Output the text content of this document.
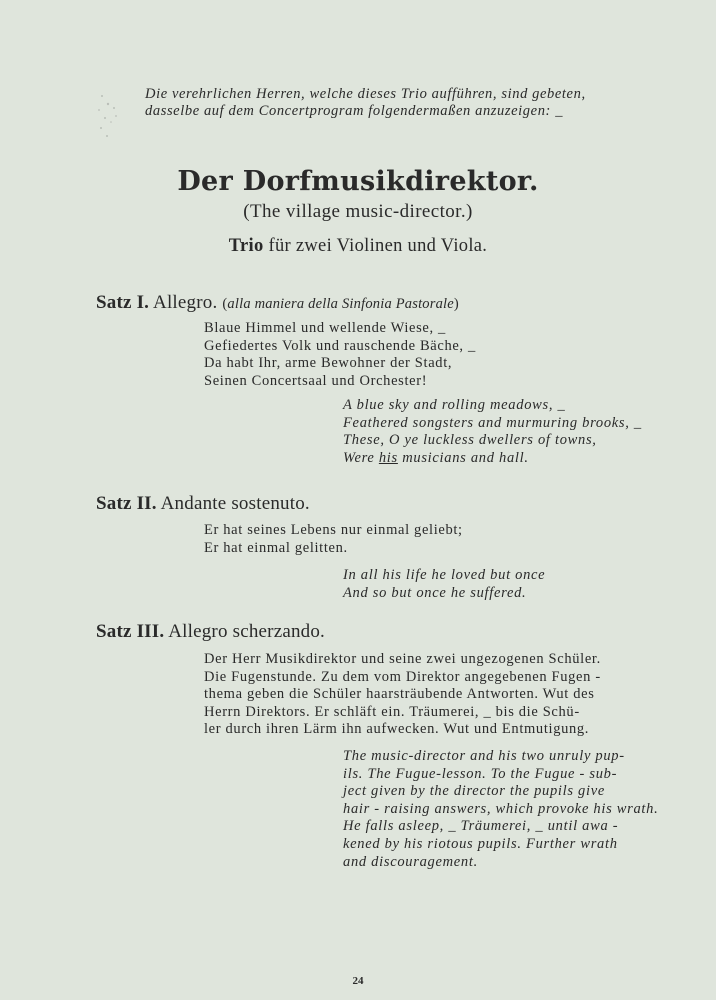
Die verehrlichen Herren, welche dieses Trio aufführen, sind gebeten,
dasselbe auf dem Concertprogram folgendermaßen anzuzeigen: _
Der Dorfmusikdirektor.
(The village music-director.)
Trio für zwei Violinen und Viola.
Satz I. Allegro. (alla maniera della Sinfonia Pastorale)
Blaue Himmel und wellende Wiese, _
Gefiedertes Volk und rauschende Bäche, _
Da habt Ihr, arme Bewohner der Stadt,
Seinen Concertsaal und Orchester!
A blue sky and rolling meadows, _
Feathered songsters and murmuring brooks, _
These, O ye luckless dwellers of towns,
Were his musicians and hall.
Satz II. Andante sostenuto.
Er hat seines Lebens nur einmal geliebt;
Er hat einmal gelitten.
In all his life he loved but once
And so but once he suffered.
Satz III. Allegro scherzando.
Der Herr Musikdirektor und seine zwei ungezogenen Schüler.
Die Fugenstunde. Zu dem vom Direktor angegebenen Fugen -
thema geben die Schüler haarsträubende Antworten. Wut des
Herrn Direktors. Er schläft ein. Träumerei, _ bis die Schü-
ler durch ihren Lärm ihn aufwecken. Wut und Entmutigung.
The music-director and his two unruly pup-
ils. The Fugue-lesson. To the Fugue - sub-
ject given by the director the pupils give
hair - raising answers, which provoke his wrath.
He falls asleep, _ Träumerei, _ until awa -
kened by his riotous pupils. Further wrath
and discouragement.
24
